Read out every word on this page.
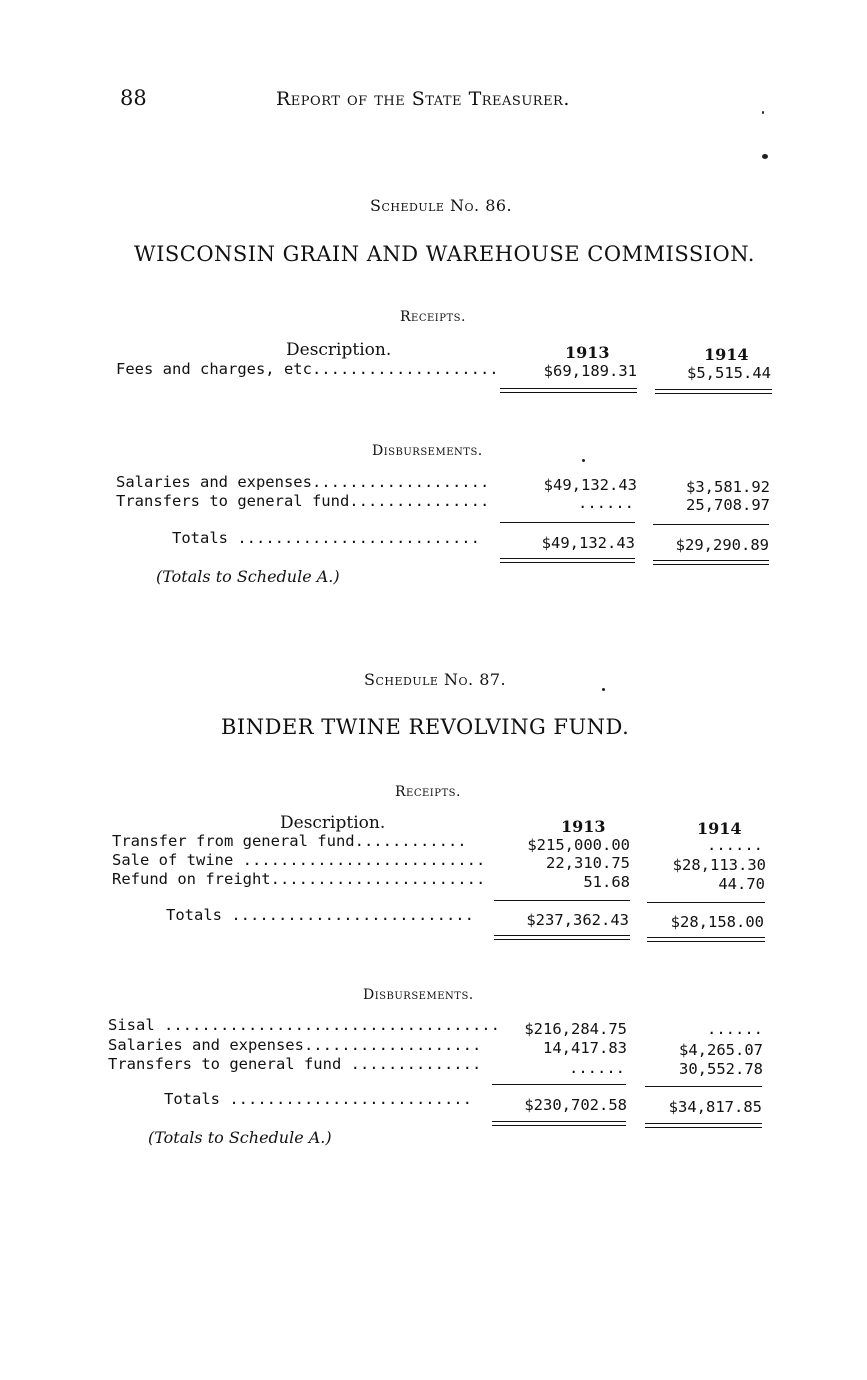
88	Report of the State Treasurer.
Schedule No. 86.
WISCONSIN GRAIN AND WAREHOUSE COMMISSION.
Receipts.
Description.	1913	1914
Fees and charges, etc....................	$69,189.31	$5,515.44
Disbursements.
Salaries and expenses...................	$49,132.43	$3,581.92
Transfers to general fund...............	......	25,708.97
Totals ..........................	$49,132.43	$29,290.89
(Totals to Schedule A.)
Schedule No. 87.
BINDER TWINE REVOLVING FUND.
Receipts.
Description.	1913	1914
Transfer from general fund............	$215,000.00	......
Sale of twine ..........................	22,310.75	$28,113.30
Refund on freight.......................	51.68	44.70
Totals ..........................	$237,362.43	$28,158.00
Disbursements.
Sisal .................................... $216,284.75	......
Salaries and expenses...................	14,417.83	$4,265.07
Transfers to general fund ..............	......	30,552.78
Totals ..........................	$230,702.58	$34,817.85
(Totals to Schedule A.)
